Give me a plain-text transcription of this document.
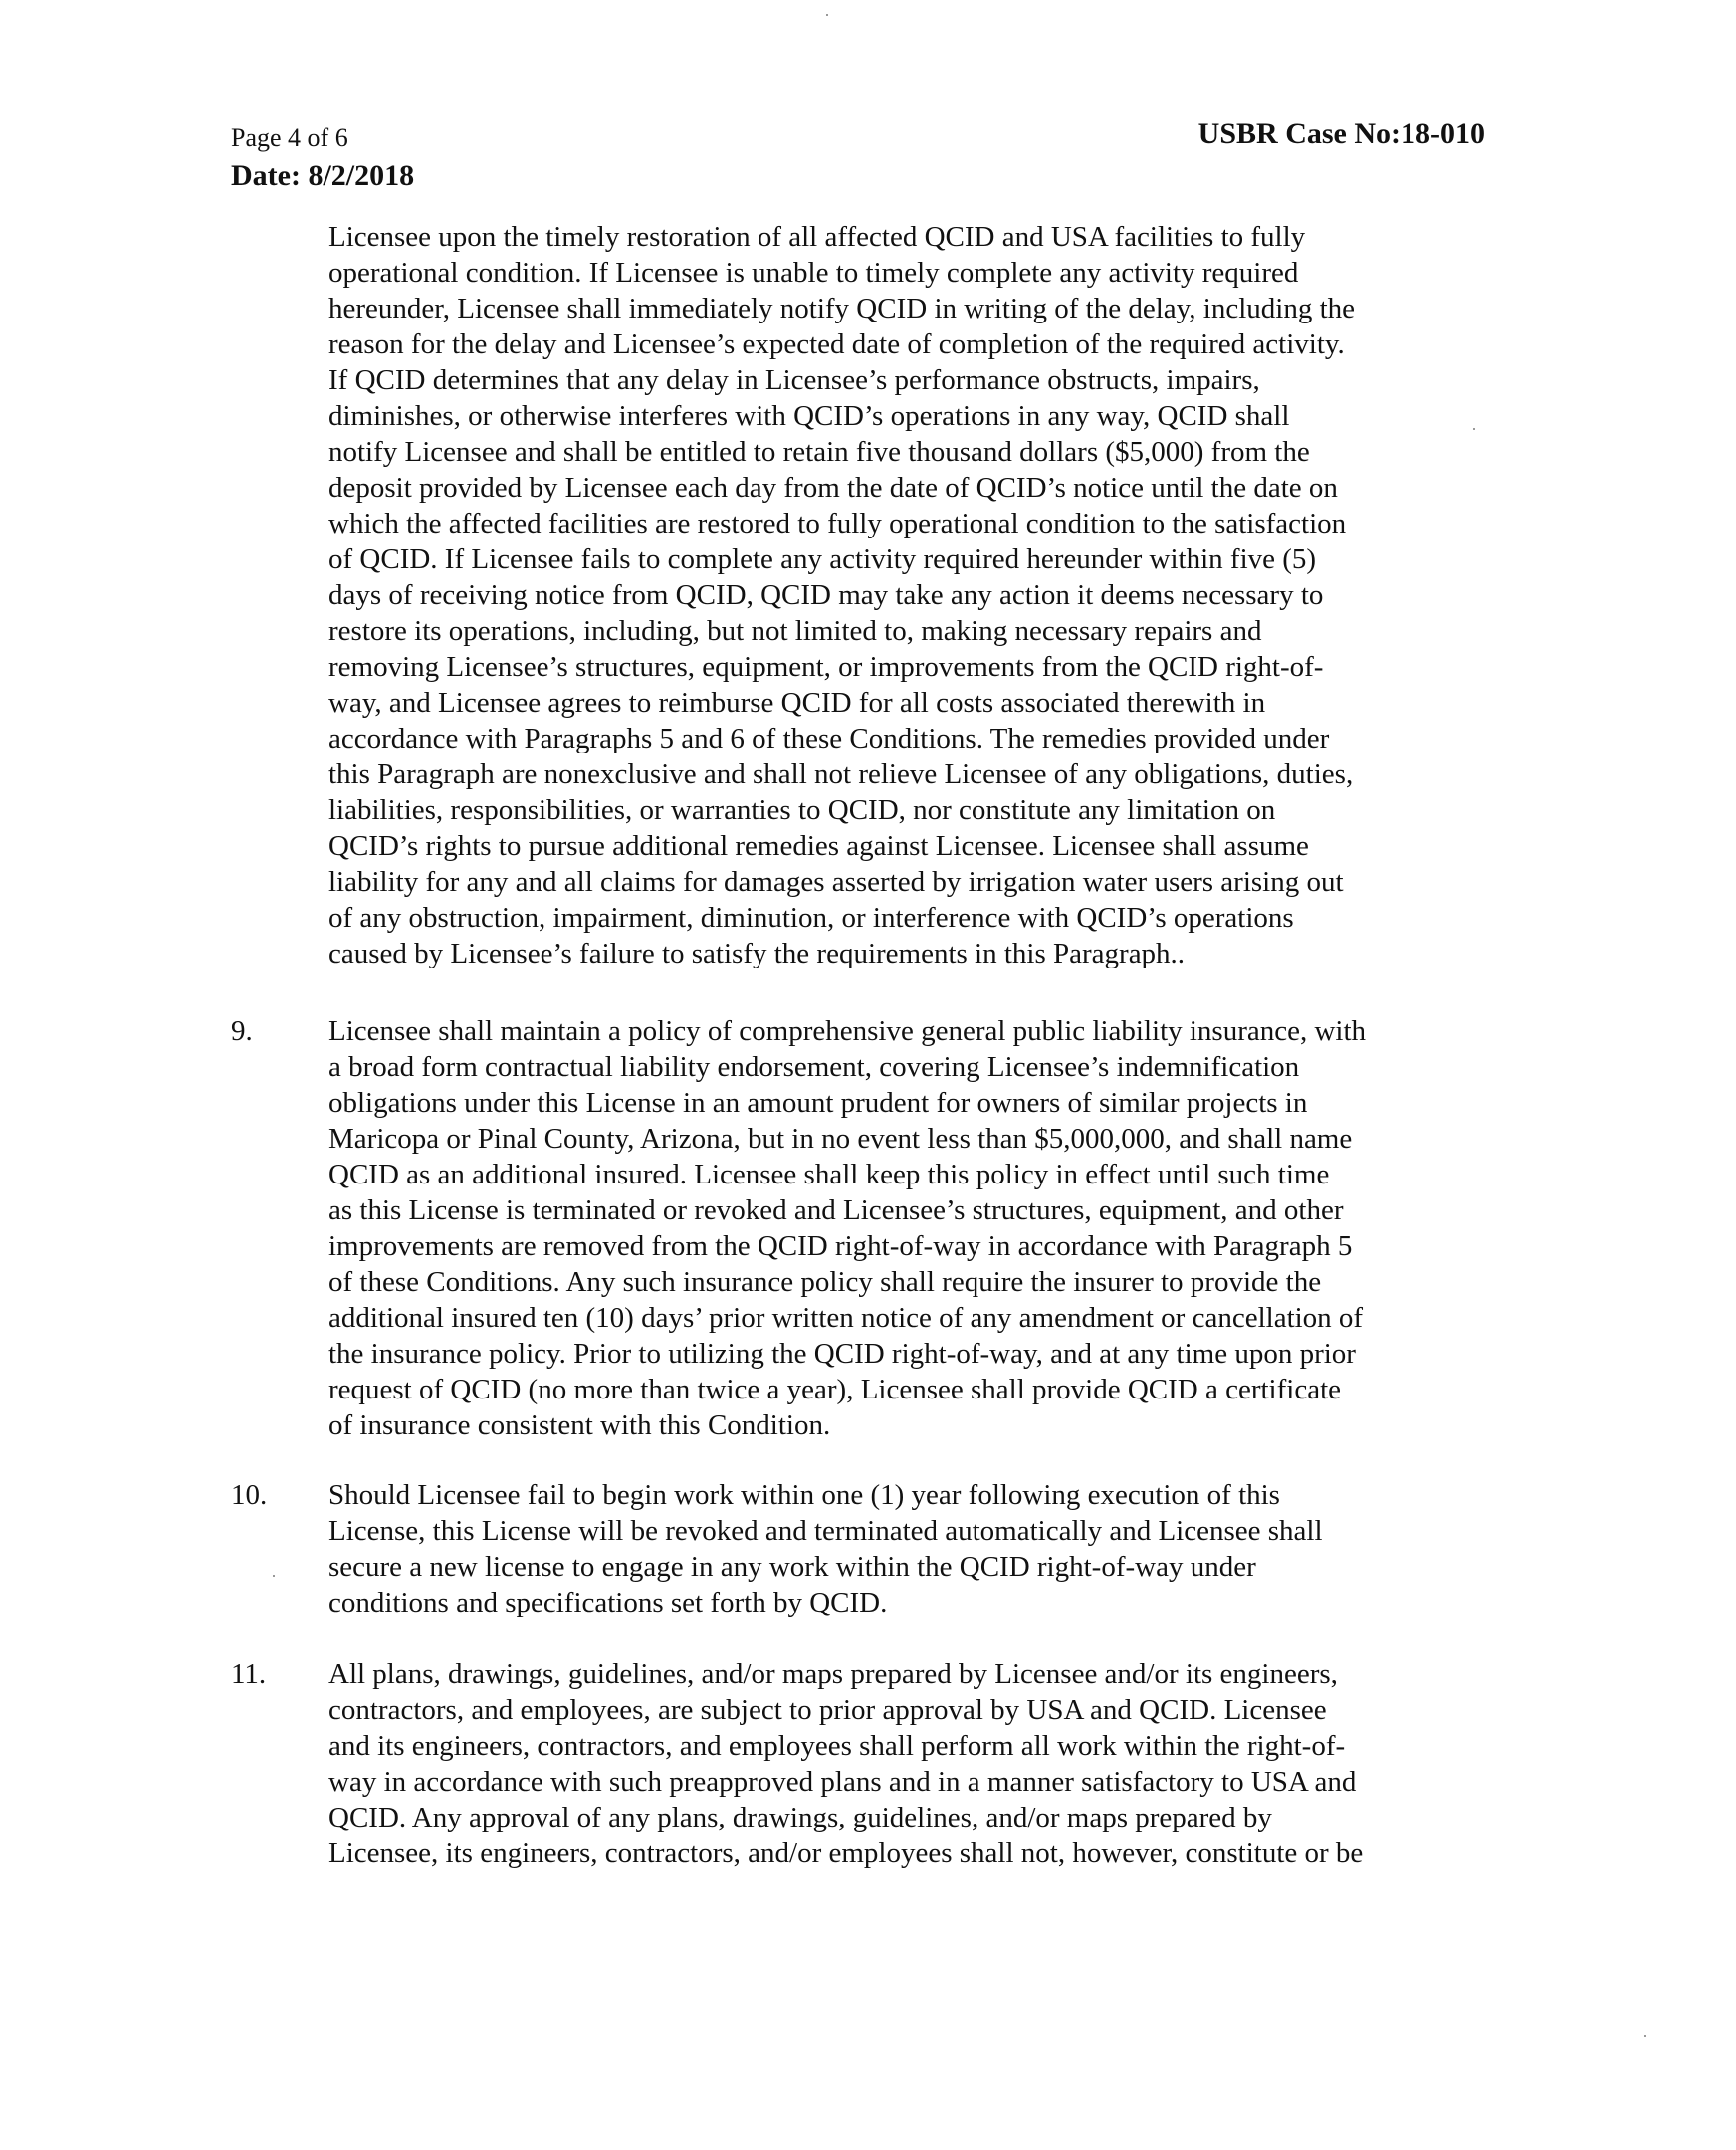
Page 4 of 6
Date: 8/2/2018
USBR Case No:18-010
Licensee upon the timely restoration of all affected QCID and USA facilities to fully
operational condition. If Licensee is unable to timely complete any activity required
hereunder, Licensee shall immediately notify QCID in writing of the delay, including the
reason for the delay and Licensee’s expected date of completion of the required activity.
If QCID determines that any delay in Licensee’s performance obstructs, impairs,
diminishes, or otherwise interferes with QCID’s operations in any way, QCID shall
notify Licensee and shall be entitled to retain five thousand dollars ($5,000) from the
deposit provided by Licensee each day from the date of QCID’s notice until the date on
which the affected facilities are restored to fully operational condition to the satisfaction
of QCID. If Licensee fails to complete any activity required hereunder within five (5)
days of receiving notice from QCID, QCID may take any action it deems necessary to
restore its operations, including, but not limited to, making necessary repairs and
removing Licensee’s structures, equipment, or improvements from the QCID right-of-
way, and Licensee agrees to reimburse QCID for all costs associated therewith in
accordance with Paragraphs 5 and 6 of these Conditions. The remedies provided under
this Paragraph are nonexclusive and shall not relieve Licensee of any obligations, duties,
liabilities, responsibilities, or warranties to QCID, nor constitute any limitation on
QCID’s rights to pursue additional remedies against Licensee. Licensee shall assume
liability for any and all claims for damages asserted by irrigation water users arising out
of any obstruction, impairment, diminution, or interference with QCID’s operations
caused by Licensee’s failure to satisfy the requirements in this Paragraph..
9.	Licensee shall maintain a policy of comprehensive general public liability insurance, with
a broad form contractual liability endorsement, covering Licensee’s indemnification
obligations under this License in an amount prudent for owners of similar projects in
Maricopa or Pinal County, Arizona, but in no event less than $5,000,000, and shall name
QCID as an additional insured. Licensee shall keep this policy in effect until such time
as this License is terminated or revoked and Licensee’s structures, equipment, and other
improvements are removed from the QCID right-of-way in accordance with Paragraph 5
of these Conditions. Any such insurance policy shall require the insurer to provide the
additional insured ten (10) days’ prior written notice of any amendment or cancellation of
the insurance policy. Prior to utilizing the QCID right-of-way, and at any time upon prior
request of QCID (no more than twice a year), Licensee shall provide QCID a certificate
of insurance consistent with this Condition.
10.	Should Licensee fail to begin work within one (1) year following execution of this
License, this License will be revoked and terminated automatically and Licensee shall
secure a new license to engage in any work within the QCID right-of-way under
conditions and specifications set forth by QCID.
11.	All plans, drawings, guidelines, and/or maps prepared by Licensee and/or its engineers,
contractors, and employees, are subject to prior approval by USA and QCID. Licensee
and its engineers, contractors, and employees shall perform all work within the right-of-
way in accordance with such preapproved plans and in a manner satisfactory to USA and
QCID. Any approval of any plans, drawings, guidelines, and/or maps prepared by
Licensee, its engineers, contractors, and/or employees shall not, however, constitute or be
